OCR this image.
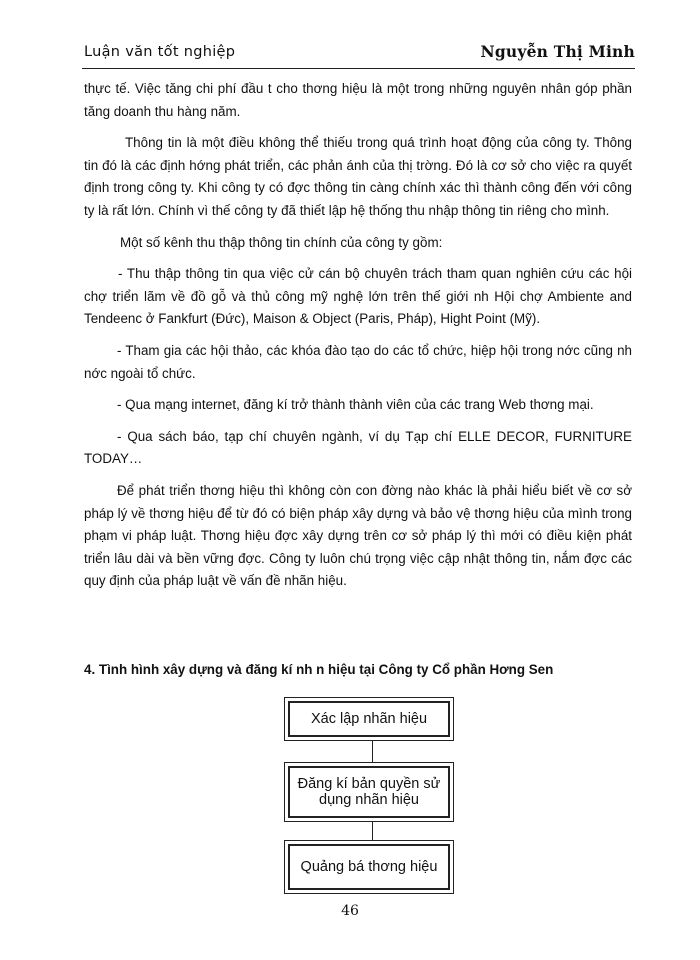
Luận văn tốt nghiệp	Nguyễn Thị Minh

thực tế. Việc tăng chi phí đầu t cho thơng hiệu là một trong những nguyên nhân góp phần tăng doanh thu hàng năm.

Thông tin là một điều không thể thiếu trong quá trình hoạt động của công ty. Thông tin đó là các định hớng phát triển, các phản ánh của thị trờng. Đó là cơ sở cho việc ra quyết định trong công ty. Khi công ty có đợc thông tin càng chính xác thì thành công đến với công ty là rất lớn. Chính vì thế công ty đã thiết lập hệ thống thu nhập thông tin riêng cho mình.

Một số kênh thu thập thông tin chính của công ty gồm:

- Thu thập thông tin qua việc cử cán bộ chuyên trách tham quan nghiên cứu các hội chợ triển lãm về đồ gỗ và thủ công mỹ nghệ lớn trên thế giới nh Hội chợ Ambiente and Tendeenc ở Fankfurt (Đức), Maison & Object (Paris, Pháp), Hight Point (Mỹ).

- Tham gia các hội thảo, các khóa đào tạo do các tổ chức, hiệp hội trong nớc cũng nh nớc ngoài tổ chức.

- Qua mạng internet, đăng kí trở thành thành viên của các trang Web thơng mại.

- Qua sách báo, tạp chí chuyên ngành, ví dụ Tạp chí ELLE DECOR, FURNITURE TODAY…

Để phát triển thơng hiệu thì không còn con đờng nào khác là phải hiểu biết về cơ sở pháp lý về thơng hiệu để từ đó có biện pháp xây dựng và bảo vệ thơng hiệu của mình trong phạm vi pháp luật. Thơng hiệu đợc xây dựng trên cơ sở pháp lý thì mới có điều kiện phát triển lâu dài và bền vững đợc. Công ty luôn chú trọng việc cập nhật thông tin, nắm đợc các quy định của pháp luật về vấn đề nhãn hiệu.

4. Tình hình xây dựng và đăng kí nh n hiệu tại Công ty Cổ phần Hơng Sen
Xác lập nhãn hiệu
Đăng kí bản quyền sử dụng nhãn hiệu
Quảng bá thơng hiệu
46
